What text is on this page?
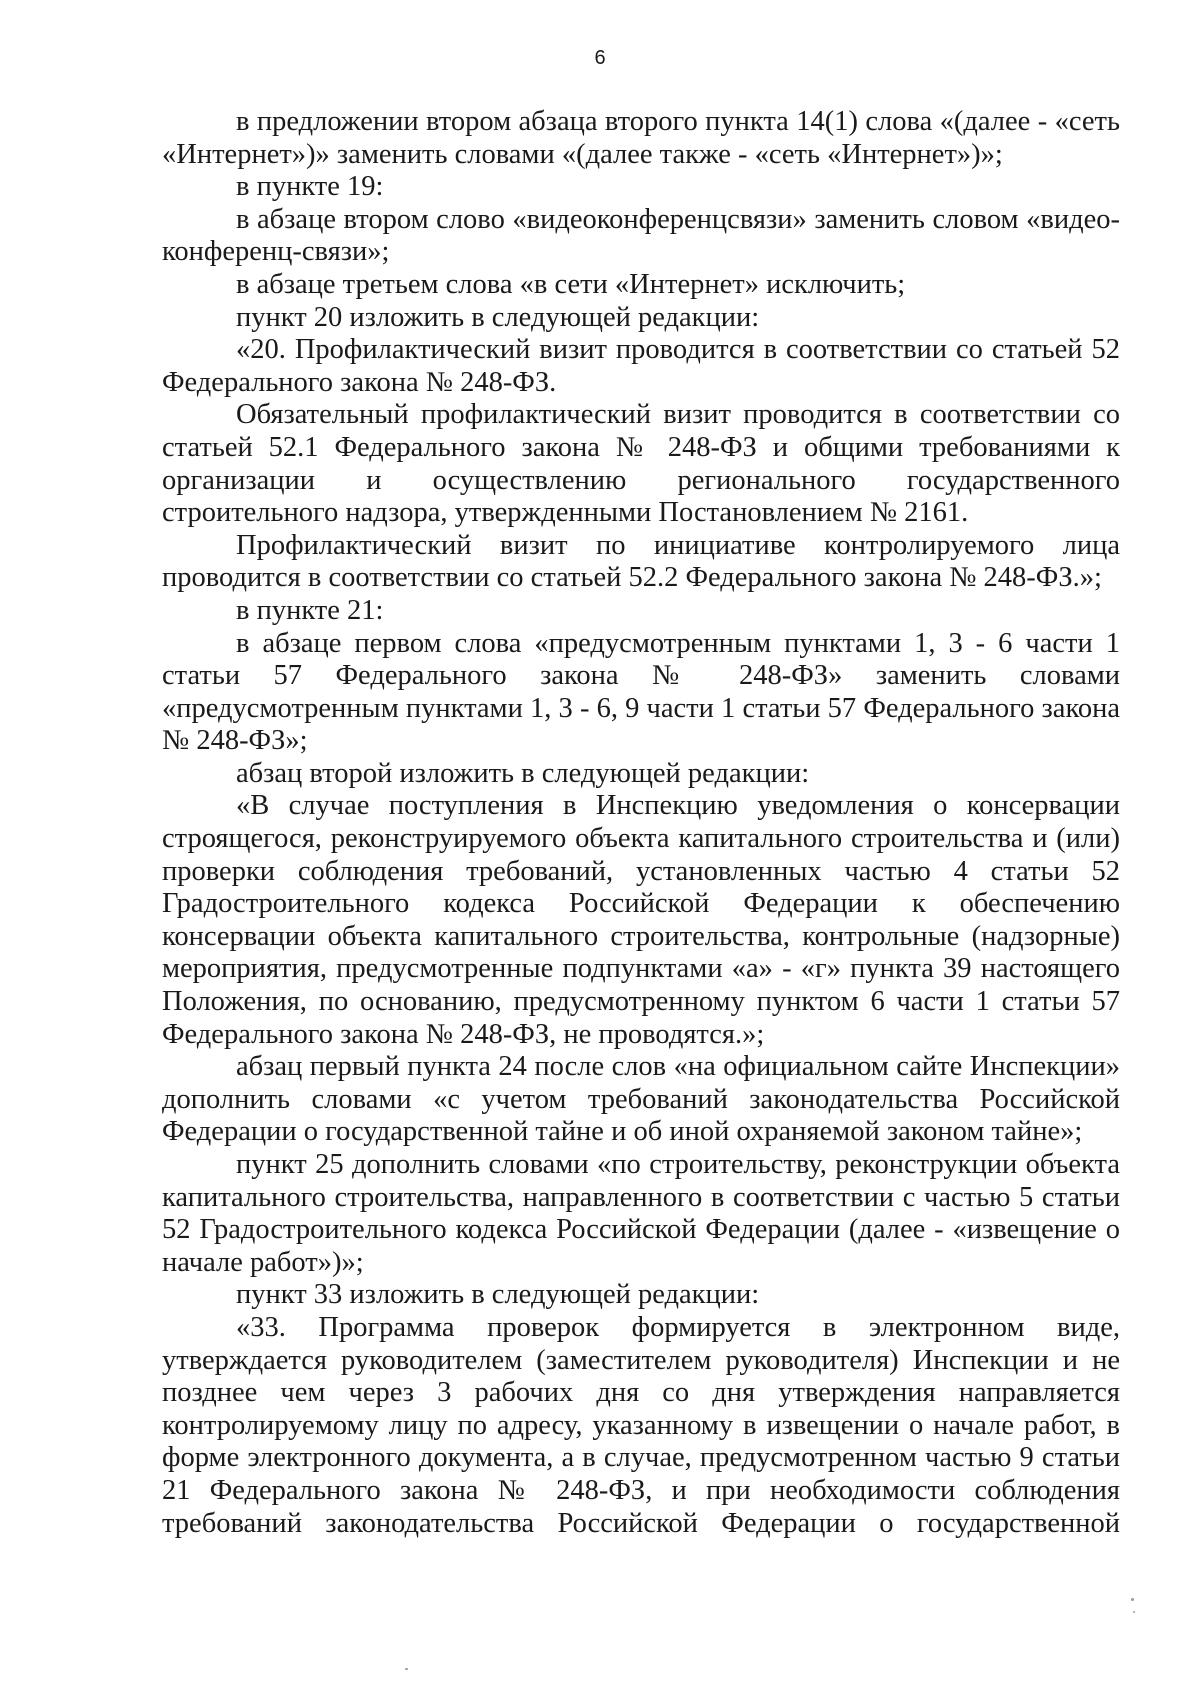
6

в предложении втором абзаца второго пункта 14(1) слова «(далее - «сеть «Интернет»)» заменить словами «(далее также - «сеть «Интернет»)»;

в пункте 19:

в абзаце втором слово «видеоконференцсвязи» заменить словом «видео-конференц-связи»;

в абзаце третьем слова «в сети «Интернет» исключить;

пункт 20 изложить в следующей редакции:

«20. Профилактический визит проводится в соответствии со статьей 52 Федерального закона № 248-ФЗ.

Обязательный профилактический визит проводится в соответствии со статьей 52.1 Федерального закона № 248-ФЗ и общими требованиями к организации и осуществлению регионального государственного строительного надзора, утвержденными Постановлением № 2161.

Профилактический визит по инициативе контролируемого лица проводится в соответствии со статьей 52.2 Федерального закона № 248-ФЗ.»;

в пункте 21:

в абзаце первом слова «предусмотренным пунктами 1, 3 - 6 части 1 статьи 57 Федерального закона № 248-ФЗ» заменить словами «предусмотренным пунктами 1, 3 - 6, 9 части 1 статьи 57 Федерального закона № 248-ФЗ»;

абзац второй изложить в следующей редакции:

«В случае поступления в Инспекцию уведомления о консервации строящегося, реконструируемого объекта капитального строительства и (или) проверки соблюдения требований, установленных частью 4 статьи 52 Градостроительного кодекса Российской Федерации к обеспечению консервации объекта капитального строительства, контрольные (надзорные) мероприятия, предусмотренные подпунктами «а» - «г» пункта 39 настоящего Положения, по основанию, предусмотренному пунктом 6 части 1 статьи 57 Федерального закона № 248-ФЗ, не проводятся.»;

абзац первый пункта 24 после слов «на официальном сайте Инспекции» дополнить словами «с учетом требований законодательства Российской Федерации о государственной тайне и об иной охраняемой законом тайне»;

пункт 25 дополнить словами «по строительству, реконструкции объекта капитального строительства, направленного в соответствии с частью 5 статьи 52 Градостроительного кодекса Российской Федерации (далее - «извещение о начале работ»)»;

пункт 33 изложить в следующей редакции:

«33. Программа проверок формируется в электронном виде, утверждается руководителем (заместителем руководителя) Инспекции и не позднее чем через 3 рабочих дня со дня утверждения направляется контролируемому лицу по адресу, указанному в извещении о начале работ, в форме электронного документа, а в случае, предусмотренном частью 9 статьи 21 Федерального закона № 248-ФЗ, и при необходимости соблюдения требований законодательства Российской Федерации о государственной
